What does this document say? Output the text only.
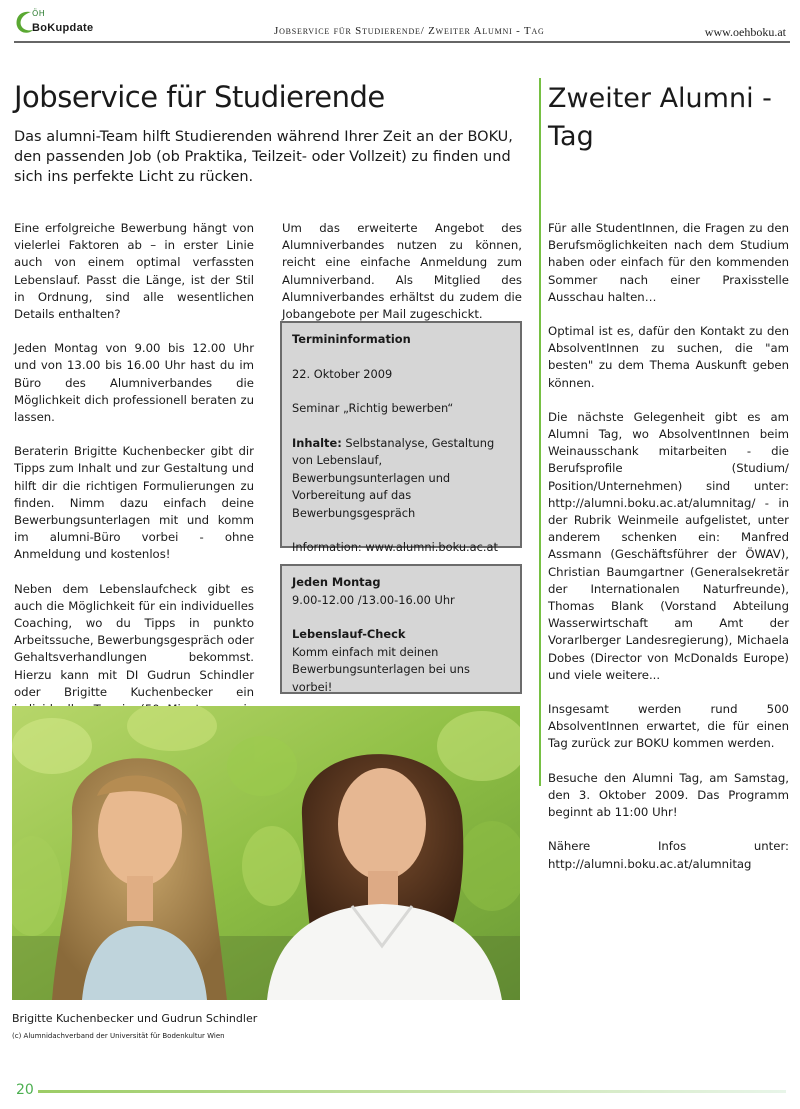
ÖH
BoKupdate	Jobservice für Studierende/ Zweiter Alumni - Tag	www.oehboku.at
Jobservice für Studierende

Das alumni-Team hilft Studierenden während Ihrer Zeit an der BOKU, den passenden Job (ob Praktika, Teilzeit- oder Vollzeit) zu finden und sich ins perfekte Licht zu rücken.

Eine erfolgreiche Bewerbung hängt von vielerlei Faktoren ab – in erster Linie auch von einem optimal verfassten Lebenslauf. Passt die Länge, ist der Stil in Ordnung, sind alle wesentlichen Details enthalten?

Jeden Montag von 9.00 bis 12.00 Uhr und von 13.00 bis 16.00 Uhr hast du im Büro des Alumniverbandes die Möglichkeit dich professionell beraten zu lassen.

Beraterin Brigitte Kuchenbecker gibt dir Tipps zum Inhalt und zur Gestaltung und hilft dir die richtigen Formulierungen zu finden. Nimm dazu einfach deine Bewerbungsunterlagen mit und komm im alumni-Büro vorbei - ohne Anmeldung und kostenlos!

Neben dem Lebenslaufcheck gibt es auch die Möglichkeit für ein individuelles Coaching, wo du Tipps in punkto Arbeitssuche, Bewerbungsgespräch oder Gehaltsverhandlungen bekommst. Hierzu kann mit DI Gudrun Schindler oder Brigitte Kuchenbecker ein

Um das erweiterte Angebot des Alumniverbandes nutzen zu können, reicht eine einfache Anmeldung zum Alumniverband. Als Mitglied des Alumniverbandes erhältst du zudem die Jobangebote per Mail zugeschickt.

Termininformation
22. Oktober 2009
Seminar „Richtig bewerben“
Inhalte: Selbstanalyse, Gestaltung von Lebenslauf, Bewerbungsunterlagen und Vorbereitung auf das Bewerbungsgespräch
Information: www.alumni.boku.ac.at
Jeden Montag
9.00-12.00 /13.00-16.00 Uhr
Lebenslauf-Check
Komm einfach mit deinen Bewerbungsunterlagen bei uns vorbei!
Brigitte Kuchenbecker und Gudrun Schindler
(c) Alumnidachverband der Universität für Bodenkultur Wien
Zweiter Alumni - Tag

Für alle StudentInnen, die Fragen zu den Berufsmöglichkeiten nach dem Studium haben oder einfach für den kommenden Sommer nach einer Praxisstelle Ausschau halten…

Optimal ist es, dafür den Kontakt zu den AbsolventInnen zu suchen, die "am besten" zu dem Thema Auskunft geben können.

Die nächste Gelegenheit gibt es am Alumni Tag, wo AbsolventInnen beim Weinausschank mitarbeiten - die Berufsprofile (Studium/ Position/Unternehmen) sind unter: http://alumni.boku.ac.at/alumnitag/ - in der Rubrik Weinmeile aufgelistet, unter anderem schenken ein: Manfred Assmann (Geschäftsführer der ÖWAV), Christian Baumgartner (Generalsekretär der Internationalen Naturfreunde), Thomas Blank (Vorstand Abteilung Wasserwirtschaft am Amt der Vorarlberger Landesregierung), Michaela Dobes (Director von McDonalds Europe) und viele weitere...

Insgesamt werden rund 500 AbsolventInnen erwartet, die für einen Tag zurück zur BOKU kommen werden.

Besuche den Alumni Tag, am Samstag, den 3. Oktober 2009. Das Programm beginnt ab 11:00 Uhr!

Nähere Infos unter: http://alumni.boku.ac.at/alumnitag

20
